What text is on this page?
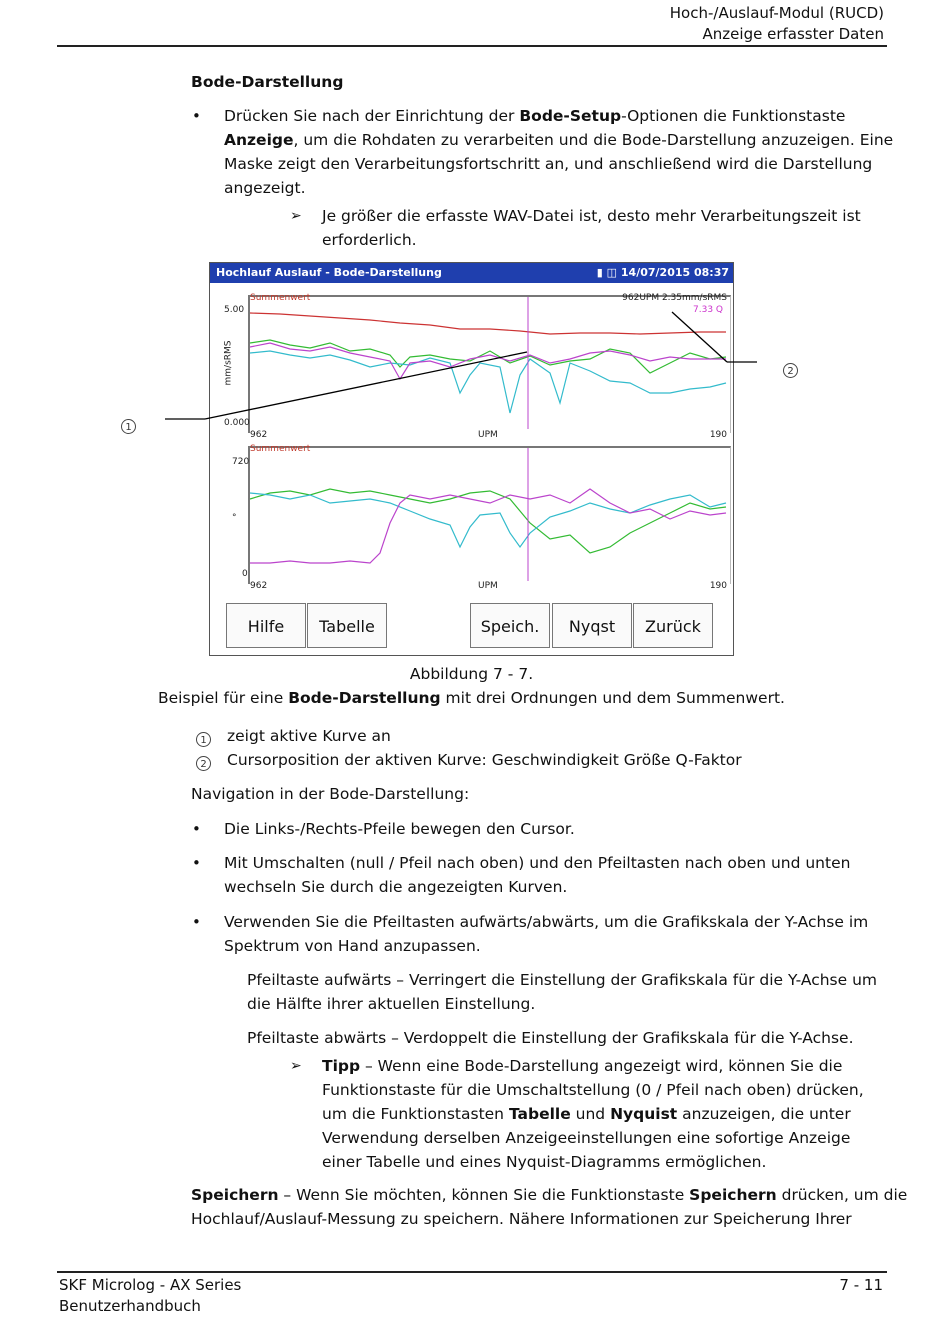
Hoch-/Auslauf-Modul (RUCD)
Anzeige erfasster Daten
Bode-Darstellung
• Drücken Sie nach der Einrichtung der Bode-Setup-Optionen die Funktionstaste
Anzeige, um die Rohdaten zu verarbeiten und die Bode-Darstellung anzuzeigen. Eine
Maske zeigt den Verarbeitungsfortschritt an, und anschließend wird die Darstellung
angezeigt.
➢ Je größer die erfasste WAV-Datei ist, desto mehr Verarbeitungszeit ist
erforderlich.
Hochlauf Auslauf - Bode-Darstellung	▮ ◫ 14/07/2015 08:37
Summenwert	962UPM 2.35mm/sRMS
7.33 Q
5.00
0.000
mm/sRMS
962	UPM	190
Summenwert
720
°
0
962	UPM	190
Hilfe	Tabelle	Speich.	Nyqst	Zurück
1
2
Abbildung 7 - 7.
Beispiel für eine Bode-Darstellung mit drei Ordnungen und dem Summenwert.
1 zeigt aktive Kurve an
2 Cursorposition der aktiven Kurve: Geschwindigkeit Größe Q-Faktor
Navigation in der Bode-Darstellung:
• Die Links-/Rechts-Pfeile bewegen den Cursor.
• Mit Umschalten (null / Pfeil nach oben) und den Pfeiltasten nach oben und unten
wechseln Sie durch die angezeigten Kurven.
• Verwenden Sie die Pfeiltasten aufwärts/abwärts, um die Grafikskala der Y-Achse im
Spektrum von Hand anzupassen.
Pfeiltaste aufwärts – Verringert die Einstellung der Grafikskala für die Y-Achse um
die Hälfte ihrer aktuellen Einstellung.
Pfeiltaste abwärts – Verdoppelt die Einstellung der Grafikskala für die Y-Achse.
➢ Tipp – Wenn eine Bode-Darstellung angezeigt wird, können Sie die
Funktionstaste für die Umschaltstellung (0 / Pfeil nach oben) drücken,
um die Funktionstasten Tabelle und Nyquist anzuzeigen, die unter
Verwendung derselben Anzeigeeinstellungen eine sofortige Anzeige
einer Tabelle und eines Nyquist-Diagramms ermöglichen.
Speichern – Wenn Sie möchten, können Sie die Funktionstaste Speichern drücken, um die
Hochlauf/Auslauf-Messung zu speichern. Nähere Informationen zur Speicherung Ihrer
SKF Microlog - AX Series
Benutzerhandbuch
7 - 11
